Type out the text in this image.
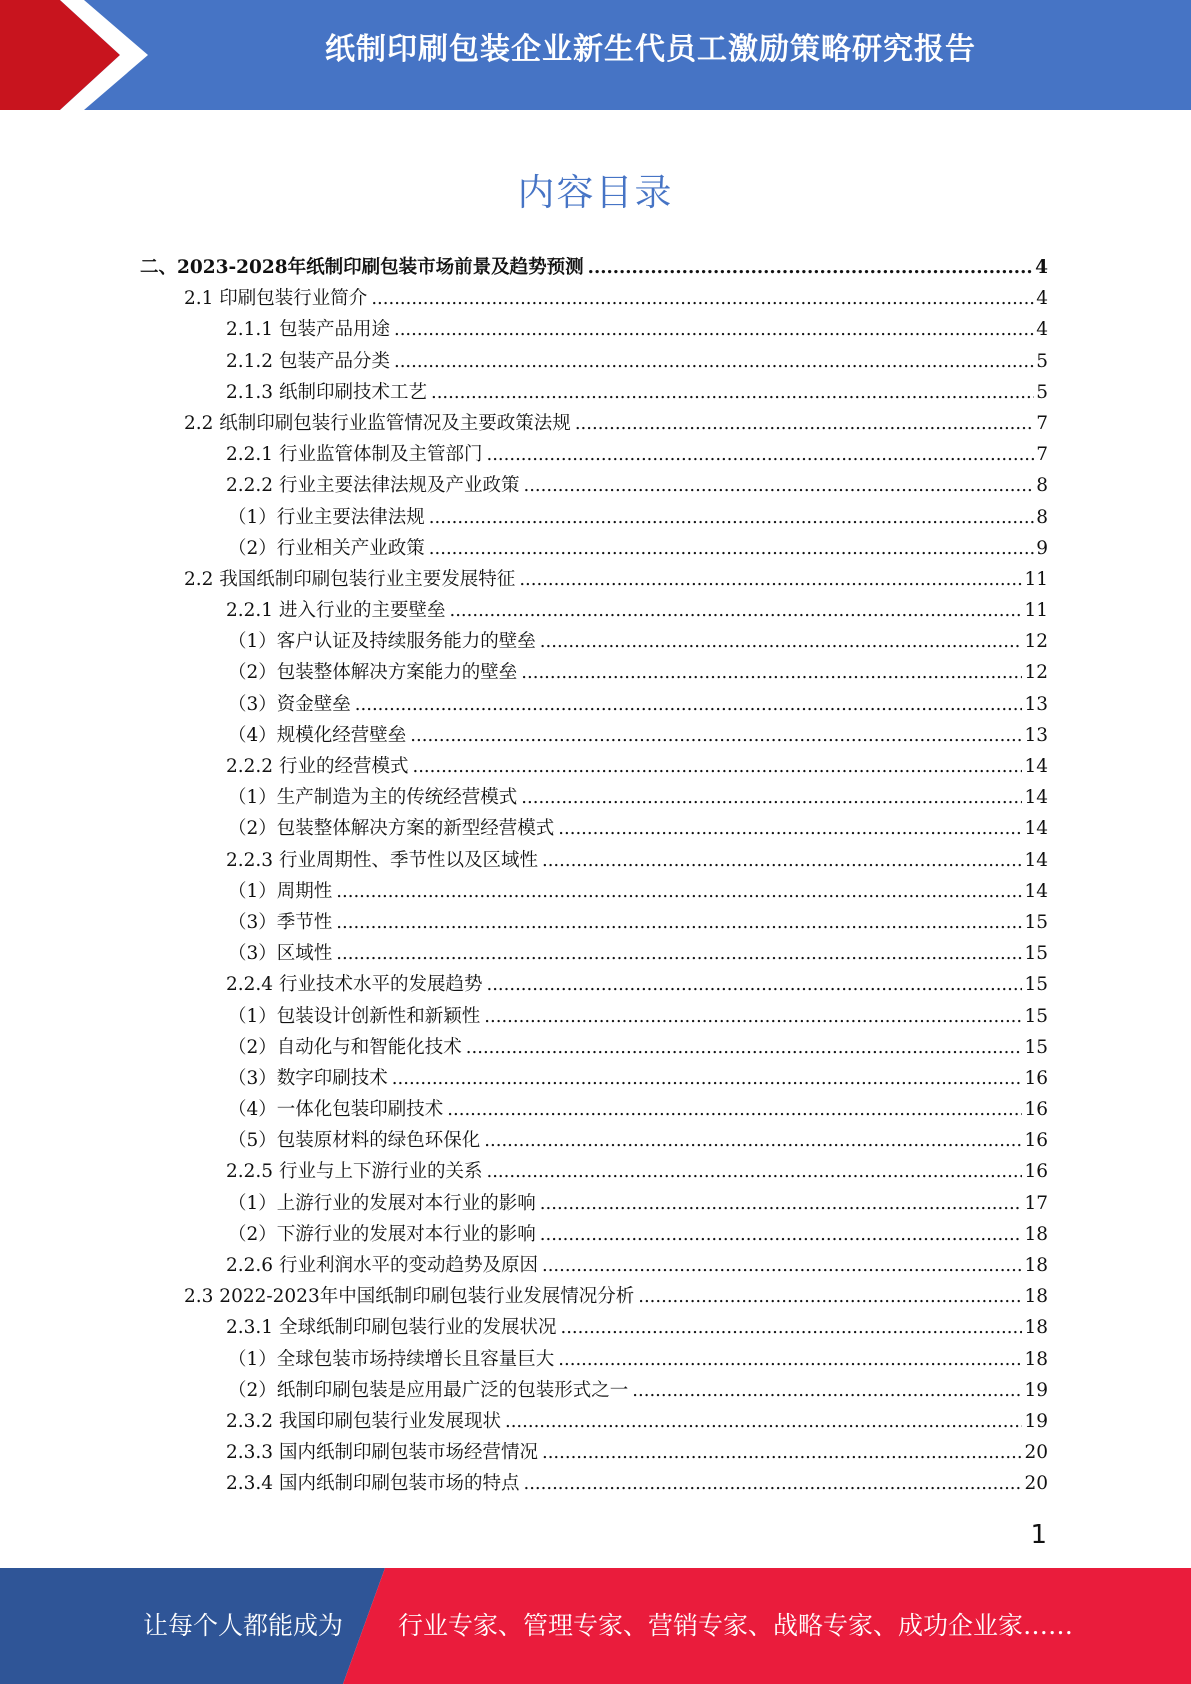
纸制印刷包装企业新生代员工激励策略研究报告
内容目录
二、2023-2028年纸制印刷包装市场前景及趋势预测 .....	4
2.1 印刷包装行业简介 .....	4
2.1.1 包装产品用途 .....	4
2.1.2 包装产品分类 .....	5
2.1.3 纸制印刷技术工艺 .....	5
2.2 纸制印刷包装行业监管情况及主要政策法规 .....	7
2.2.1 行业监管体制及主管部门 .....	7
2.2.2 行业主要法律法规及产业政策 .....	8
（1）行业主要法律法规 .....	8
（2）行业相关产业政策 .....	9
2.2 我国纸制印刷包装行业主要发展特征 .....	11
2.2.1 进入行业的主要壁垒 .....	11
（1）客户认证及持续服务能力的壁垒 .....	12
（2）包装整体解决方案能力的壁垒 .....	12
（3）资金壁垒 .....	13
（4）规模化经营壁垒 .....	13
2.2.2 行业的经营模式 .....	14
（1）生产制造为主的传统经营模式 .....	14
（2）包装整体解决方案的新型经营模式 .....	14
2.2.3 行业周期性、季节性以及区域性 .....	14
（1）周期性 .....	14
（3）季节性 .....	15
（3）区域性 .....	15
2.2.4 行业技术水平的发展趋势 .....	15
（1）包装设计创新性和新颖性 .....	15
（2）自动化与和智能化技术 .....	15
（3）数字印刷技术 .....	16
（4）一体化包装印刷技术 .....	16
（5）包装原材料的绿色环保化 .....	16
2.2.5 行业与上下游行业的关系 .....	16
（1）上游行业的发展对本行业的影响 .....	17
（2）下游行业的发展对本行业的影响 .....	18
2.2.6 行业利润水平的变动趋势及原因 .....	18
2.3 2022-2023年中国纸制印刷包装行业发展情况分析 .....	18
2.3.1 全球纸制印刷包装行业的发展状况 .....	18
（1）全球包装市场持续增长且容量巨大 .....	18
（2）纸制印刷包装是应用最广泛的包装形式之一 .....	19
2.3.2 我国印刷包装行业发展现状 .....	19
2.3.3 国内纸制印刷包装市场经营情况 .....	20
2.3.4 国内纸制印刷包装市场的特点 .....	20
1
让每个人都能成为 行业专家、管理专家、营销专家、战略专家、成功企业家……
